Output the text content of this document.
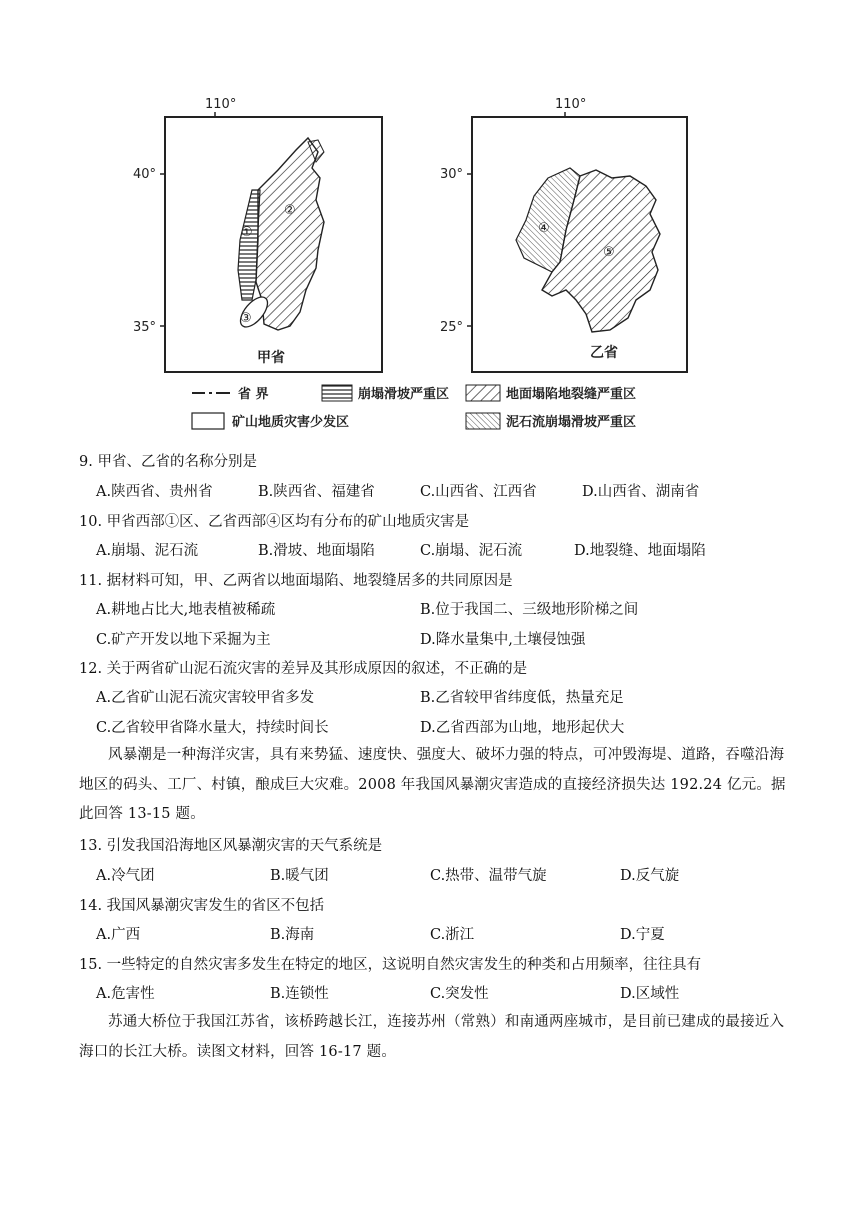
110°
40°
35°
①
②
③
甲省
110°
30°
25°
④
⑤
乙省
省 界	崩塌滑坡严重区	地面塌陷地裂缝严重区
矿山地质灾害少发区	泥石流崩塌滑坡严重区
9. 甲省、乙省的名称分别是
A.陕西省、贵州省	B.陕西省、福建省	C.山西省、江西省	D.山西省、湖南省
10. 甲省西部①区、乙省西部④区均有分布的矿山地质灾害是
A.崩塌、泥石流	B.滑坡、地面塌陷	C.崩塌、泥石流	D.地裂缝、地面塌陷
11. 据材料可知，甲、乙两省以地面塌陷、地裂缝居多的共同原因是
A.耕地占比大,地表植被稀疏	B.位于我国二、三级地形阶梯之间
C.矿产开发以地下采掘为主	D.降水量集中,土壤侵蚀强
12. 关于两省矿山泥石流灾害的差异及其形成原因的叙述，不正确的是
A.乙省矿山泥石流灾害较甲省多发	B.乙省较甲省纬度低，热量充足
C.乙省较甲省降水量大，持续时间长	D.乙省西部为山地，地形起伏大
风暴潮是一种海洋灾害，具有来势猛、速度快、强度大、破坏力强的特点，可冲毁海堤、道路，吞噬沿海地区的码头、工厂、村镇，酿成巨大灾难。2008 年我国风暴潮灾害造成的直接经济损失达 192.24 亿元。据此回答 13-15 题。
13. 引发我国沿海地区风暴潮灾害的天气系统是
A.冷气团	B.暖气团	C.热带、温带气旋	D.反气旋
14. 我国风暴潮灾害发生的省区不包括
A.广西	B.海南	C.浙江	D.宁夏
15. 一些特定的自然灾害多发生在特定的地区，这说明自然灾害发生的种类和占用频率，往往具有
A.危害性	B.连锁性	C.突发性	D.区域性
苏通大桥位于我国江苏省，该桥跨越长江，连接苏州（常熟）和南通两座城市，是目前已建成的最接近入海口的长江大桥。读图文材料，回答 16-17 题。
